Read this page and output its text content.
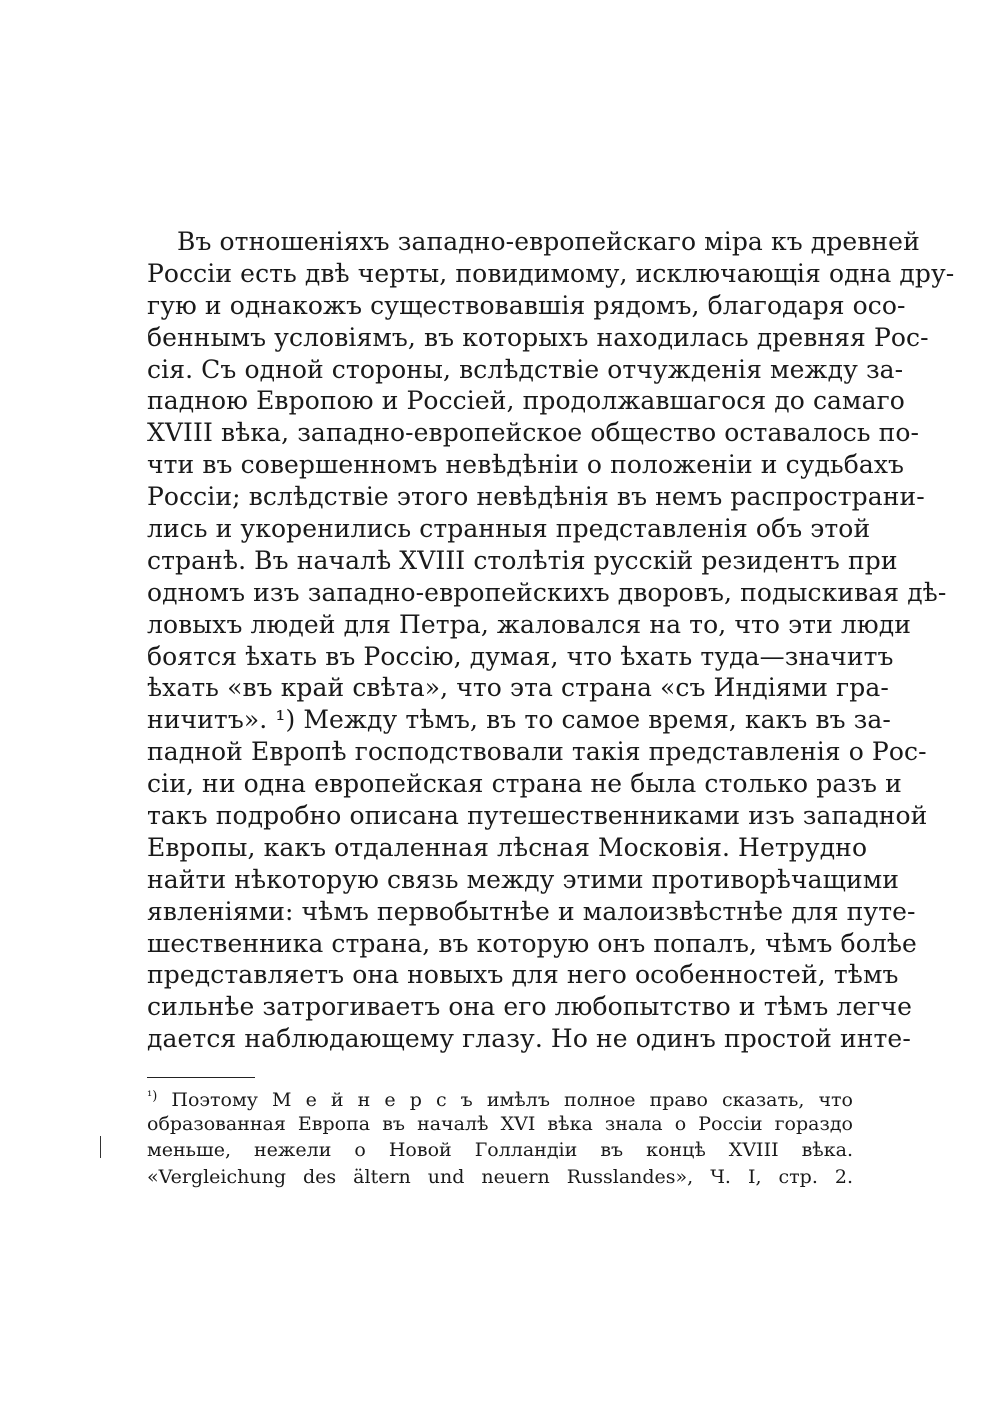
Въ отношеніяхъ западно-европейскаго міра къ древней
Россіи есть двѣ черты, повидимому, исключающія одна дру-
гую и однакожъ существовавшія рядомъ, благодаря осо-
беннымъ условіямъ, въ которыхъ находилась древняя Рос-
сія. Съ одной стороны, вслѣдствіе отчужденія между за-
падною Европою и Россіей, продолжавшагося до самаго
XVIII вѣка, западно-европейское общество оставалось по-
чти въ совершенномъ невѣдѣніи о положеніи и судьбахъ
Россіи; вслѣдствіе этого невѣдѣнія въ немъ распространи-
лись и укоренились странныя представленія объ этой
странѣ. Въ началѣ XVIII столѣтія русскій резидентъ при
одномъ изъ западно-европейскихъ дворовъ, подыскивая дѣ-
ловыхъ людей для Петра, жаловался на то, что эти люди
боятся ѣхать въ Россію, думая, что ѣхать туда—значитъ
ѣхать «въ край свѣта», что эта страна «съ Индіями гра-
ничитъ». ¹) Между тѣмъ, въ то самое время, какъ въ за-
падной Европѣ господствовали такія представленія о Рос-
сіи, ни одна европейская страна не была столько разъ и
такъ подробно описана путешественниками изъ западной
Европы, какъ отдаленная лѣсная Московія. Нетрудно
найти нѣкоторую связь между этими противорѣчащими
явленіями: чѣмъ первобытнѣе и малоизвѣстнѣе для путе-
шественника страна, въ которую онъ попалъ, чѣмъ болѣе
представляетъ она новыхъ для него особенностей, тѣмъ
сильнѣе затрогиваетъ она его любопытство и тѣмъ легче
дается наблюдающему глазу. Но не одинъ простой инте-
$^{^1)}$ Поэтому М е й н е р с ъ имѣлъ полное право сказать, что
образованная Европа въ началѣ XVI вѣка знала о Россіи гораздо
меньше, нежели о Новой Голландіи въ концѣ XVIII вѣка.
«Vergleichung des ältern und neuern Russlandes», Ч. I, стр. 2.
